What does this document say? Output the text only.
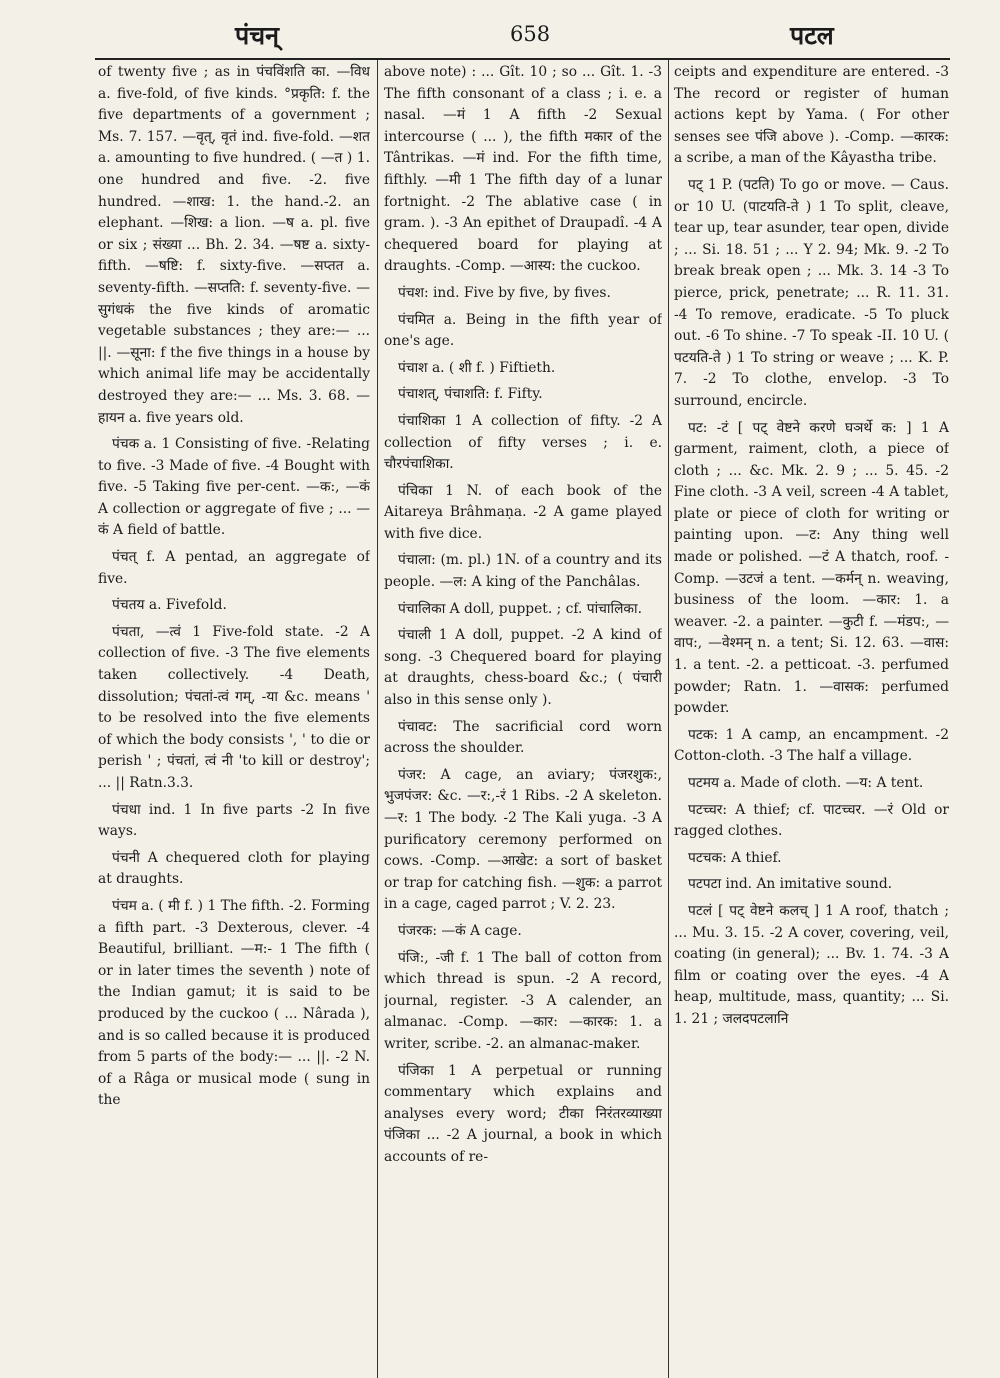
पंचन्	658	पटल

of twenty five ; as in पंचविंशति का. —विध a. five-fold, of five kinds. °प्रकृति: f. the five departments of a government ; Ms. 7. 157. —वृत्, वृतं ind. five-fold. —शत a. amounting to five hundred. ( —त ) 1. one hundred and five. -2. five hundred. —शाख: 1. the hand.-2. an elephant. —शिख: a lion. —ष a. pl. five or six ; संख्या ... Bh. 2. 34. —षष्ट a. sixty-fifth. —षष्टि: f. sixty-five. —सप्तत a. seventy-fifth. —सप्तति: f. seventy-five. —सुगंधकं the five kinds of aromatic vegetable substances ; they are:— ... ||. —सूना: f the five things in a house by which animal life may be accidentally destroyed they are:— ... Ms. 3. 68. —हायन a. five years old.

पंचक a. 1 Consisting of five. -Relating to five. -3 Made of five. -4 Bought with five. -5 Taking five per-cent. —क:, —कं A collection or aggregate of five ; ... —कं A field of battle.

पंचत् f. A pentad, an aggregate of five.

पंचतय a. Fivefold.

पंचता, —त्वं 1 Five-fold state. -2 A collection of five. -3 The five elements taken collectively. -4 Death, dissolution; पंचतां-त्वं गम्, -या &c. means ' to be resolved into the five elements of which the body consists ', ' to die or perish ' ; पंचतां, त्वं नी 'to kill or destroy'; ... || Ratn.3.3.

पंचधा ind. 1 In five parts -2 In five ways.

पंचनी A chequered cloth for playing at draughts.

पंचम a. ( मी f. ) 1 The fifth. -2. Forming a fifth part. -3 Dexterous, clever. -4 Beautiful, brilliant. —म:- 1 The fifth ( or in later times the seventh ) note of the Indian gamut; it is said to be produced by the cuckoo ( ... Nârada ), and is so called because it is produced from 5 parts of the body:— ... ||. -2 N. of a Râga or musical mode ( sung in the

above note) : ... Gît. 10 ; so ... Gît. 1. -3 The fifth consonant of a class ; i. e. a nasal. —मं 1 A fifth -2 Sexual intercourse ( ... ), the fifth मकार of the Tântrikas. —मं ind. For the fifth time, fifthly. —मी 1 The fifth day of a lunar fortnight. -2 The ablative case ( in gram. ). -3 An epithet of Draupadî. -4 A chequered board for playing at draughts. -Comp. —आस्य: the cuckoo.

पंचश: ind. Five by five, by fives.

पंचमित a. Being in the fifth year of one's age.

पंचाश a. ( शी f. ) Fiftieth.

पंचाशत्, पंचाशति: f. Fifty.

पंचाशिका 1 A collection of fifty. -2 A collection of fifty verses ; i. e. चौरपंचाशिका.

पंचिका 1 N. of each book of the Aitareya Brâhmaṇa. -2 A game played with five dice.

पंचाला: (m. pl.) 1N. of a country and its people. —ल: A king of the Panchâlas.

पंचालिका A doll, puppet. ; cf. पांचालिका.

पंचाली 1 A doll, puppet. -2 A kind of song. -3 Chequered board for playing at draughts, chess-board &c.; ( पंचारी also in this sense only ).

पंचावट: The sacrificial cord worn across the shoulder.

पंजर: A cage, an aviary; पंजरशुक:, भुजपंजर: &c. —र:,-रं 1 Ribs. -2 A skeleton. —र: 1 The body. -2 The Kali yuga. -3 A purificatory ceremony performed on cows. -Comp. —आखेट: a sort of basket or trap for catching fish. —शुक: a parrot in a cage, caged parrot ; V. 2. 23.

पंजरक: —कं A cage.

पंजि:, -जी f. 1 The ball of cotton from which thread is spun. -2 A record, journal, register. -3 A calender, an almanac. -Comp. —कार: —कारक: 1. a writer, scribe. -2. an almanac-maker.

पंजिका 1 A perpetual or running commentary which explains and analyses every word; टीका निरंतरव्याख्या पंजिका ... -2 A journal, a book in which accounts of re-

ceipts and expenditure are entered. -3 The record or register of human actions kept by Yama. ( For other senses see पंजि above ). -Comp. —कारक: a scribe, a man of the Kâyastha tribe.

पट् 1 P. (पटति) To go or move. — Caus. or 10 U. (पाटयति-ते ) 1 To split, cleave, tear up, tear asunder, tear open, divide ; ... Si. 18. 51 ; ... Y 2. 94; Mk. 9. -2 To break break open ; ... Mk. 3. 14 -3 To pierce, prick, penetrate; ... R. 11. 31. -4 To remove, eradicate. -5 To pluck out. -6 To shine. -7 To speak -II. 10 U. ( पटयति-ते ) 1 To string or weave ; ... K. P. 7. -2 To clothe, envelop. -3 To surround, encircle.

पट: -टं [ पट् वेष्टने करणे घञर्थे क: ] 1 A garment, raiment, cloth, a piece of cloth ; ... &c. Mk. 2. 9 ; ... 5. 45. -2 Fine cloth. -3 A veil, screen -4 A tablet, plate or piece of cloth for writing or painting upon. —ट: Any thing well made or polished. —टं A thatch, roof. -Comp. —उटजं a tent. —कर्मन् n. weaving, business of the loom. —कार: 1. a weaver. -2. a painter. —कुटी f. —मंडप:, —वाप:, —वेश्मन् n. a tent; Si. 12. 63. —वास: 1. a tent. -2. a petticoat. -3. perfumed powder; Ratn. 1. —वासक: perfumed powder.

पटक: 1 A camp, an encampment. -2 Cotton-cloth. -3 The half a village.

पटमय a. Made of cloth. —य: A tent.

पटच्चर: A thief; cf. पाटच्चर. —रं Old or ragged clothes.

पटचक: A thief.

पटपटा ind. An imitative sound.

पटलं [ पट् वेष्टने कलच् ] 1 A roof, thatch ; ... Mu. 3. 15. -2 A cover, covering, veil, coating (in general); ... Bv. 1. 74. -3 A film or coating over the eyes. -4 A heap, multitude, mass, quantity; ... Si. 1. 21 ; जलदपटलानि
